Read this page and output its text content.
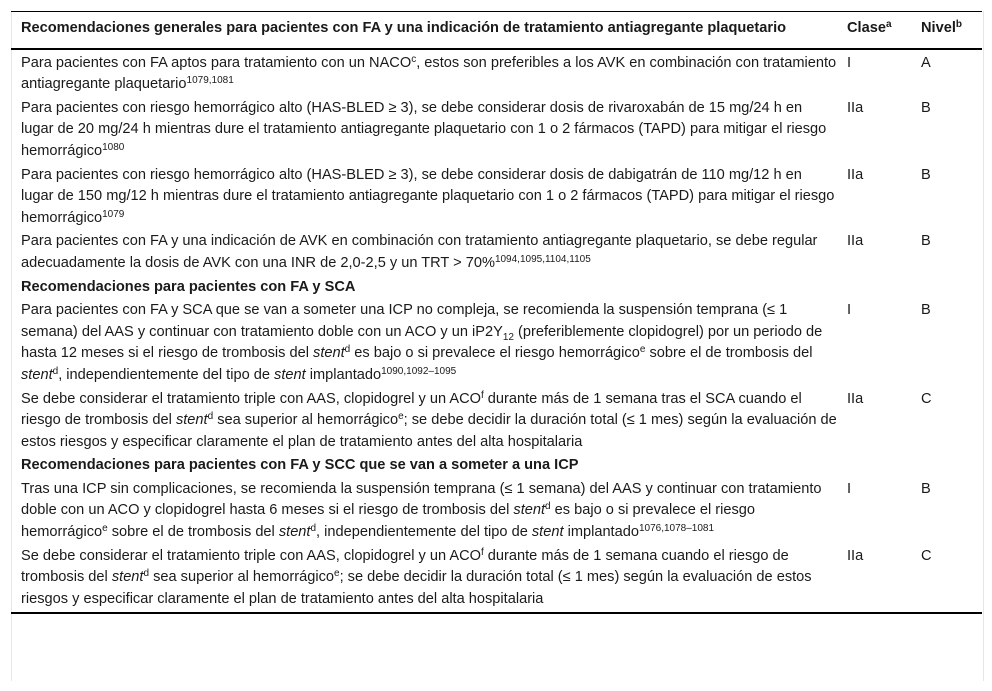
Recomendaciones generales para pacientes con FA y una indicación de tratamiento antiagregante plaquetario	Clase$^a$	Nivel$^b$
Para pacientes con FA aptos para tratamiento con un NACO$^c$, estos son preferibles a los AVK en combinación con tratamiento antiagregante plaquetario$^{1079,1081}$	I	A
Para pacientes con riesgo hemorrágico alto (HAS-BLED ≥ 3), se debe considerar dosis de rivaroxabán de 15 mg/24 h en lugar de 20 mg/24 h mientras dure el tratamiento antiagregante plaquetario con 1 o 2 fármacos (TAPD) para mitigar el riesgo hemorrágico$^{1080}$	IIa	B
Para pacientes con riesgo hemorrágico alto (HAS-BLED ≥ 3), se debe considerar dosis de dabigatrán de 110 mg/12 h en lugar de 150 mg/12 h mientras dure el tratamiento antiagregante plaquetario con 1 o 2 fármacos (TAPD) para mitigar el riesgo hemorrágico$^{1079}$	IIa	B
Para pacientes con FA y una indicación de AVK en combinación con tratamiento antiagregante plaquetario, se debe regular adecuadamente la dosis de AVK con una INR de 2,0-2,5 y un TRT > 70%$^{1094,1095,1104,1105}$	IIa	B
Recomendaciones para pacientes con FA y SCA		
Para pacientes con FA y SCA que se van a someter una ICP no compleja, se recomienda la suspensión temprana (≤ 1 semana) del AAS y continuar con tratamiento doble con un ACO y un $iP2Y_{12}$ (preferiblemente clopidogrel) por un periodo de hasta 12 meses si el riesgo de trombosis del stent$^d$ es bajo o si prevalece el riesgo hemorrágico$^e$ sobre el de trombosis del stent$^d$, independientemente del tipo de stent implantado$^{1090,1092-1095}$	I	B
Se debe considerar el tratamiento triple con AAS, clopidogrel y un ACO$^f$ durante más de 1 semana tras el SCA cuando el riesgo de trombosis del stent$^d$ sea superior al hemorrágico$^e$; se debe decidir la duración total (≤ 1 mes) según la evaluación de estos riesgos y especificar claramente el plan de tratamiento antes del alta hospitalaria	IIa	C
Recomendaciones para pacientes con FA y SCC que se van a someter a una ICP		
Tras una ICP sin complicaciones, se recomienda la suspensión temprana (≤ 1 semana) del AAS y continuar con tratamiento doble con un ACO y clopidogrel hasta 6 meses si el riesgo de trombosis del stent$^d$ es bajo o si prevalece el riesgo hemorrágico$^e$ sobre el de trombosis del stent$^d$, independientemente del tipo de stent implantado$^{1076,1078-1081}$	I	B
Se debe considerar el tratamiento triple con AAS, clopidogrel y un ACO$^f$ durante más de 1 semana cuando el riesgo de trombosis del stent$^d$ sea superior al hemorrágico$^e$; se debe decidir la duración total (≤ 1 mes) según la evaluación de estos riesgos y especificar claramente el plan de tratamiento antes del alta hospitalaria	IIa	C
